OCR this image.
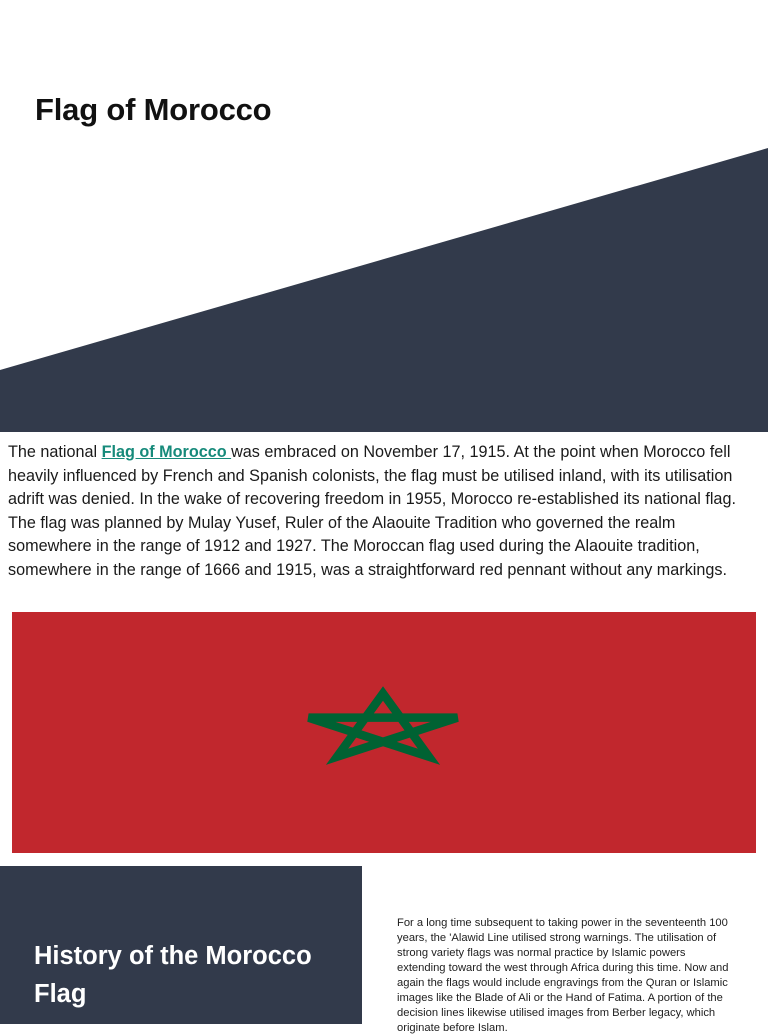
Flag of Morocco

The national Flag of Morocco was embraced on November 17, 1915. At the point when Morocco fell heavily influenced by French and Spanish colonists, the flag must be utilised inland, with its utilisation adrift was denied. In the wake of recovering freedom in 1955, Morocco re-established its national flag. The flag was planned by Mulay Yusef, Ruler of the Alaouite Tradition who governed the realm somewhere in the range of 1912 and 1927. The Moroccan flag used during the Alaouite tradition, somewhere in the range of 1666 and 1915, was a straightforward red pennant without any markings.

History of the Morocco Flag

For a long time subsequent to taking power in the seventeenth 100 years, the 'Alawid Line utilised strong warnings. The utilisation of strong variety flags was normal practice by Islamic powers extending toward the west through Africa during this time. Now and again the flags would include engravings from the Quran or Islamic images like the Blade of Ali or the Hand of Fatima. A portion of the decision lines likewise utilised images from Berber legacy, which originate before Islam.
